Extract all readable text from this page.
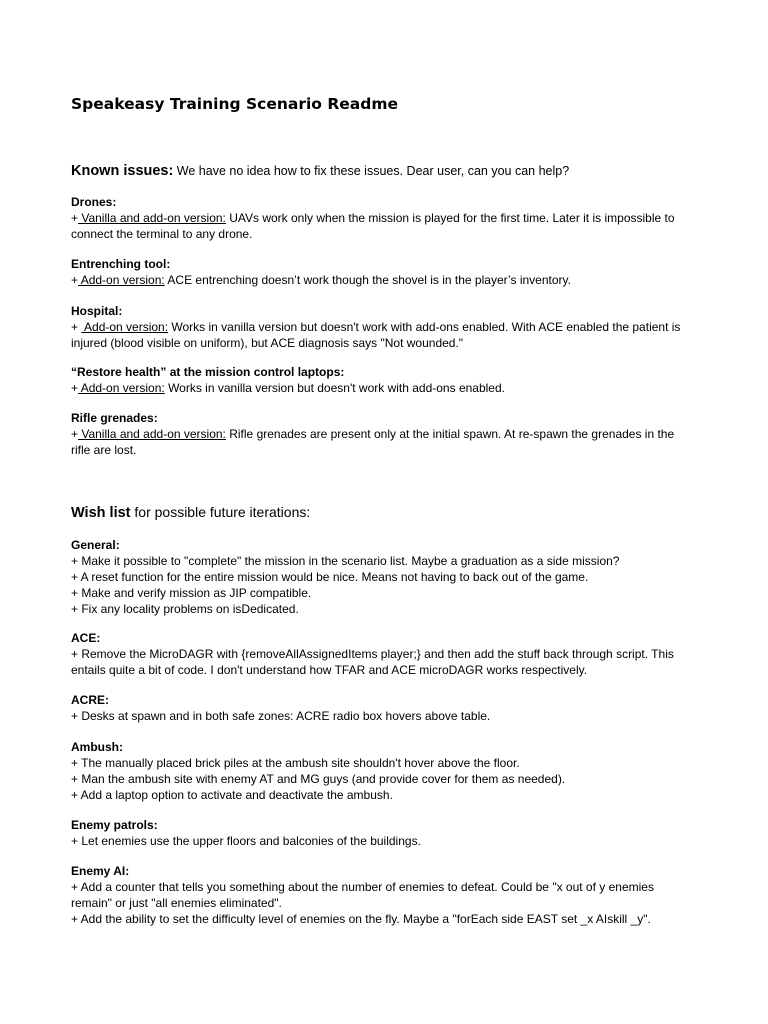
Speakeasy Training Scenario Readme

Known issues: We have no idea how to fix these issues. Dear user, can you can help?

Drones:

+ Vanilla and add-on version: UAVs work only when the mission is played for the first time. Later it is impossible to connect the terminal to any drone.

Entrenching tool:

+ Add-on version: ACE entrenching doesn’t work though the shovel is in the player’s inventory.

Hospital:

+  Add-on version: Works in vanilla version but doesn't work with add-ons enabled. With ACE enabled the patient is injured (blood visible on uniform), but ACE diagnosis says "Not wounded."

“Restore health” at the mission control laptops:

+ Add-on version: Works in vanilla version but doesn't work with add-ons enabled.

Rifle grenades:

+ Vanilla and add-on version: Rifle grenades are present only at the initial spawn. At re-spawn the grenades in the rifle are lost.

Wish list for possible future iterations:

General:

+ Make it possible to "complete" the mission in the scenario list. Maybe a graduation as a side mission?

+ A reset function for the entire mission would be nice. Means not having to back out of the game.

+ Make and verify mission as JIP compatible.

+ Fix any locality problems on isDedicated.

ACE:

+ Remove the MicroDAGR with {removeAllAssignedItems player;} and then add the stuff back through script. This entails quite a bit of code. I don't understand how TFAR and ACE microDAGR works respectively.

ACRE:

+ Desks at spawn and in both safe zones: ACRE radio box hovers above table.

Ambush:

+ The manually placed brick piles at the ambush site shouldn't hover above the floor.

+ Man the ambush site with enemy AT and MG guys (and provide cover for them as needed).

+ Add a laptop option to activate and deactivate the ambush.

Enemy patrols:

+ Let enemies use the upper floors and balconies of the buildings.

Enemy AI:

+ Add a counter that tells you something about the number of enemies to defeat. Could be "x out of y enemies remain" or just "all enemies eliminated".

+ Add the ability to set the difficulty level of enemies on the fly. Maybe a "forEach side EAST set _x AIskill _y".
